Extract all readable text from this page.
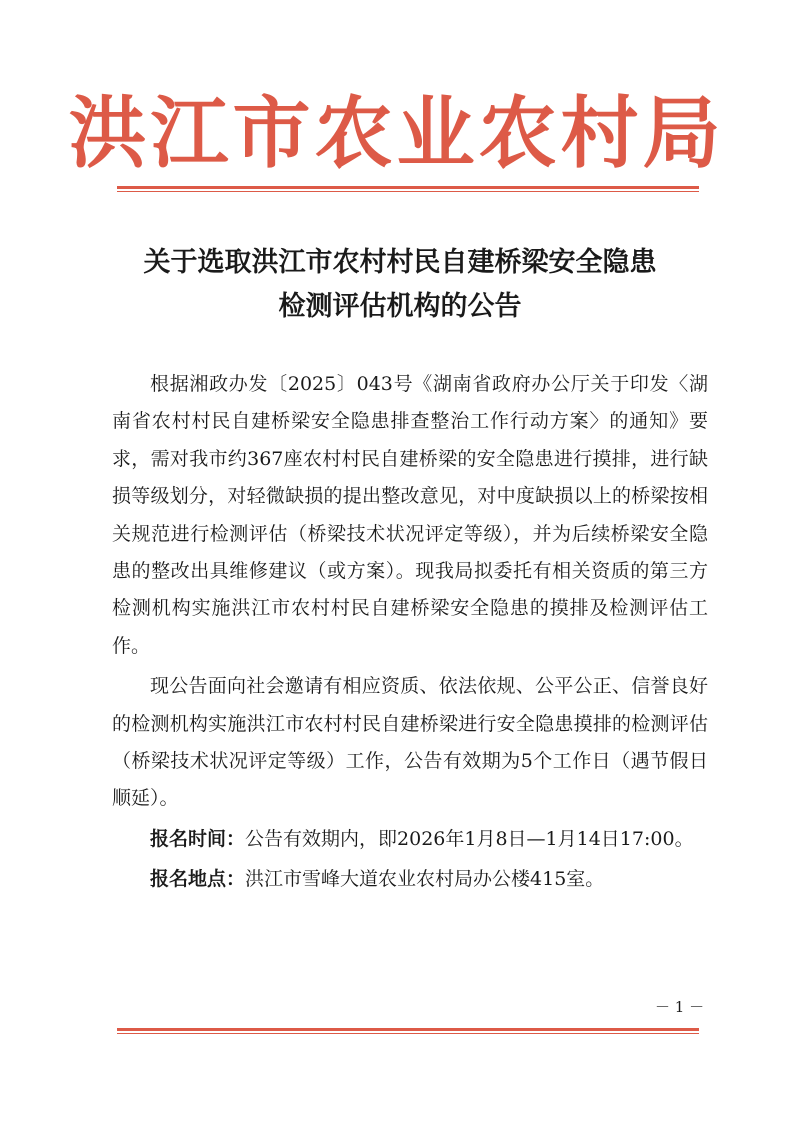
洪江市农业农村局
关于选取洪江市农村村民自建桥梁安全隐患
检测评估机构的公告

根据湘政办发〔2025〕043号《湖南省政府办公厅关于印发〈湖南省农村村民自建桥梁安全隐患排查整治工作行动方案〉的通知》要求，需对我市约367座农村村民自建桥梁的安全隐患进行摸排，进行缺损等级划分，对轻微缺损的提出整改意见，对中度缺损以上的桥梁按相关规范进行检测评估（桥梁技术状况评定等级），并为后续桥梁安全隐患的整改出具维修建议（或方案）。现我局拟委托有相关资质的第三方检测机构实施洪江市农村村民自建桥梁安全隐患的摸排及检测评估工作。

现公告面向社会邀请有相应资质、依法依规、公平公正、信誉良好的检测机构实施洪江市农村村民自建桥梁进行安全隐患摸排的检测评估（桥梁技术状况评定等级）工作，公告有效期为5个工作日（遇节假日顺延）。

报名时间：公告有效期内，即2026年1月8日—1月14日17:00。

报名地点：洪江市雪峰大道农业农村局办公楼415室。

－ 1 －
